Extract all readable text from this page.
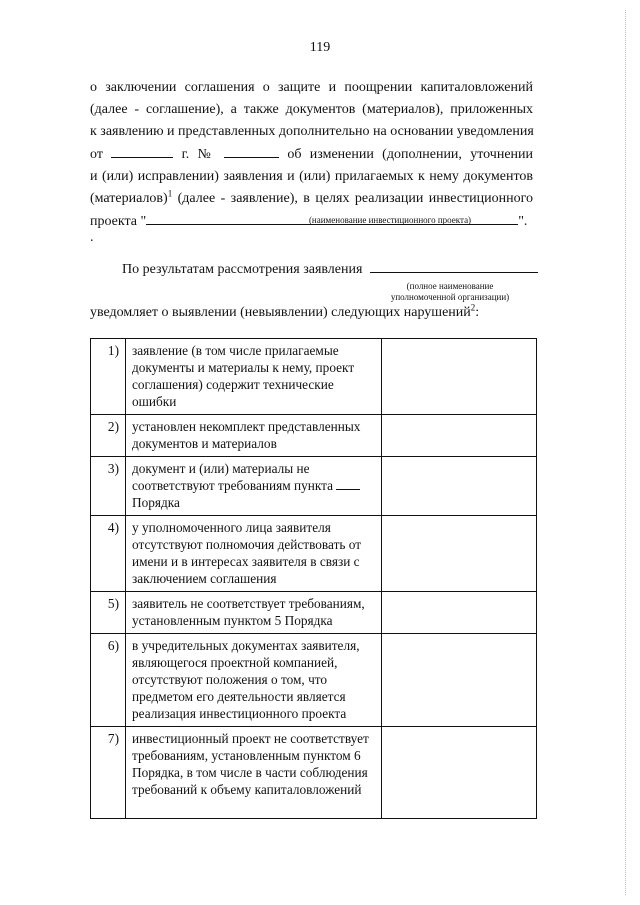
119
о заключении соглашения о защите и поощрении капиталовложений
(далее - соглашение), а также документов (материалов), приложенных
к заявлению и представленных дополнительно на основании уведомления
от	г. №	об изменении (дополнении, уточнении
и (или) исправлении) заявления и (или) прилагаемых к нему документов
(материалов)$^1$ (далее - заявление), в целях реализации инвестиционного
проекта "	".
(наименование инвестиционного проекта)
.
По результатам рассмотрения заявления
(полное наименование
уполномоченной организации)
уведомляет о выявлении (невыявлении) следующих нарушений$^2$:
1)	заявление (в том числе прилагаемые документы и материалы к нему, проект соглашения) содержит технические ошибки	
2)	установлен некомплект представленных документов и материалов	
3)	документ и (или) материалы не соответствуют требованиям пункта  Порядка	
4)	у уполномоченного лица заявителя отсутствуют полномочия действовать от имени и в интересах заявителя в связи с заключением соглашения	
5)	заявитель не соответствует требованиям, установленным пунктом 5 Порядка	
6)	в учредительных документах заявителя, являющегося проектной компанией, отсутствуют положения о том, что предметом его деятельности является реализация инвестиционного проекта	
7)	инвестиционный проект не соответствует требованиям, установленным пунктом 6 Порядка, в том числе в части соблюдения требований к объему капиталовложений	
